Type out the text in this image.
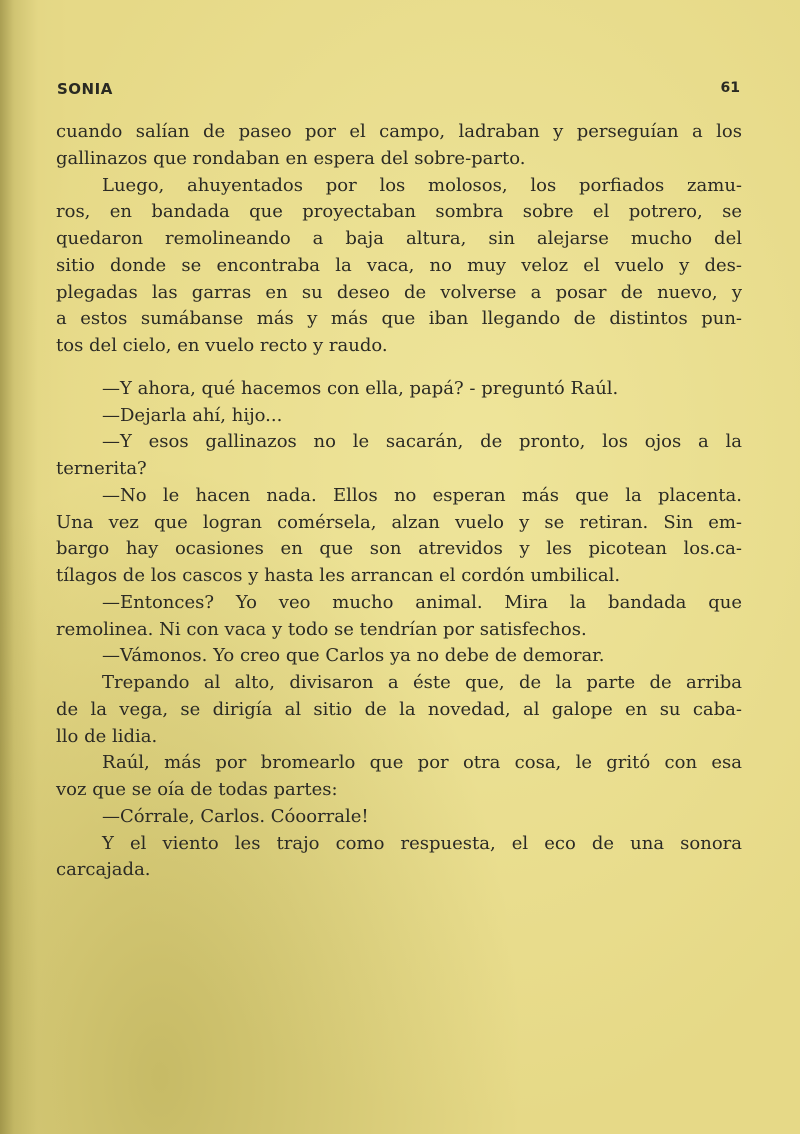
SONIA	61
cuando salían de paseo por el campo, ladraban y perseguían a los
gallinazos que rondaban en espera del sobre-parto.
Luego, ahuyentados por los molosos, los porfiados zamu-
ros, en bandada que proyectaban sombra sobre el potrero, se
quedaron remolineando a baja altura, sin alejarse mucho del
sitio donde se encontraba la vaca, no muy veloz el vuelo y des-
plegadas las garras en su deseo de volverse a posar de nuevo, y
a estos sumábanse más y más que iban llegando de distintos pun-
tos del cielo, en vuelo recto y raudo.
—Y ahora, qué hacemos con ella, papá? - preguntó Raúl.
—Dejarla ahí, hijo...
—Y esos gallinazos no le sacarán, de pronto, los ojos a la
ternerita?
—No le hacen nada. Ellos no esperan más que la placenta.
Una vez que logran comérsela, alzan vuelo y se retiran. Sin em-
bargo hay ocasiones en que son atrevidos y les picotean los.ca-
tílagos de los cascos y hasta les arrancan el cordón umbilical.
—Entonces? Yo veo mucho animal. Mira la bandada que
remolinea. Ni con vaca y todo se tendrían por satisfechos.
—Vámonos. Yo creo que Carlos ya no debe de demorar.
Trepando al alto, divisaron a éste que, de la parte de arriba
de la vega, se dirigía al sitio de la novedad, al galope en su caba-
llo de lidia.
Raúl, más por bromearlo que por otra cosa, le gritó con esa
voz que se oía de todas partes:
—Córrale, Carlos. Cóoorrale!
Y el viento les trajo como respuesta, el eco de una sonora
carcajada.
